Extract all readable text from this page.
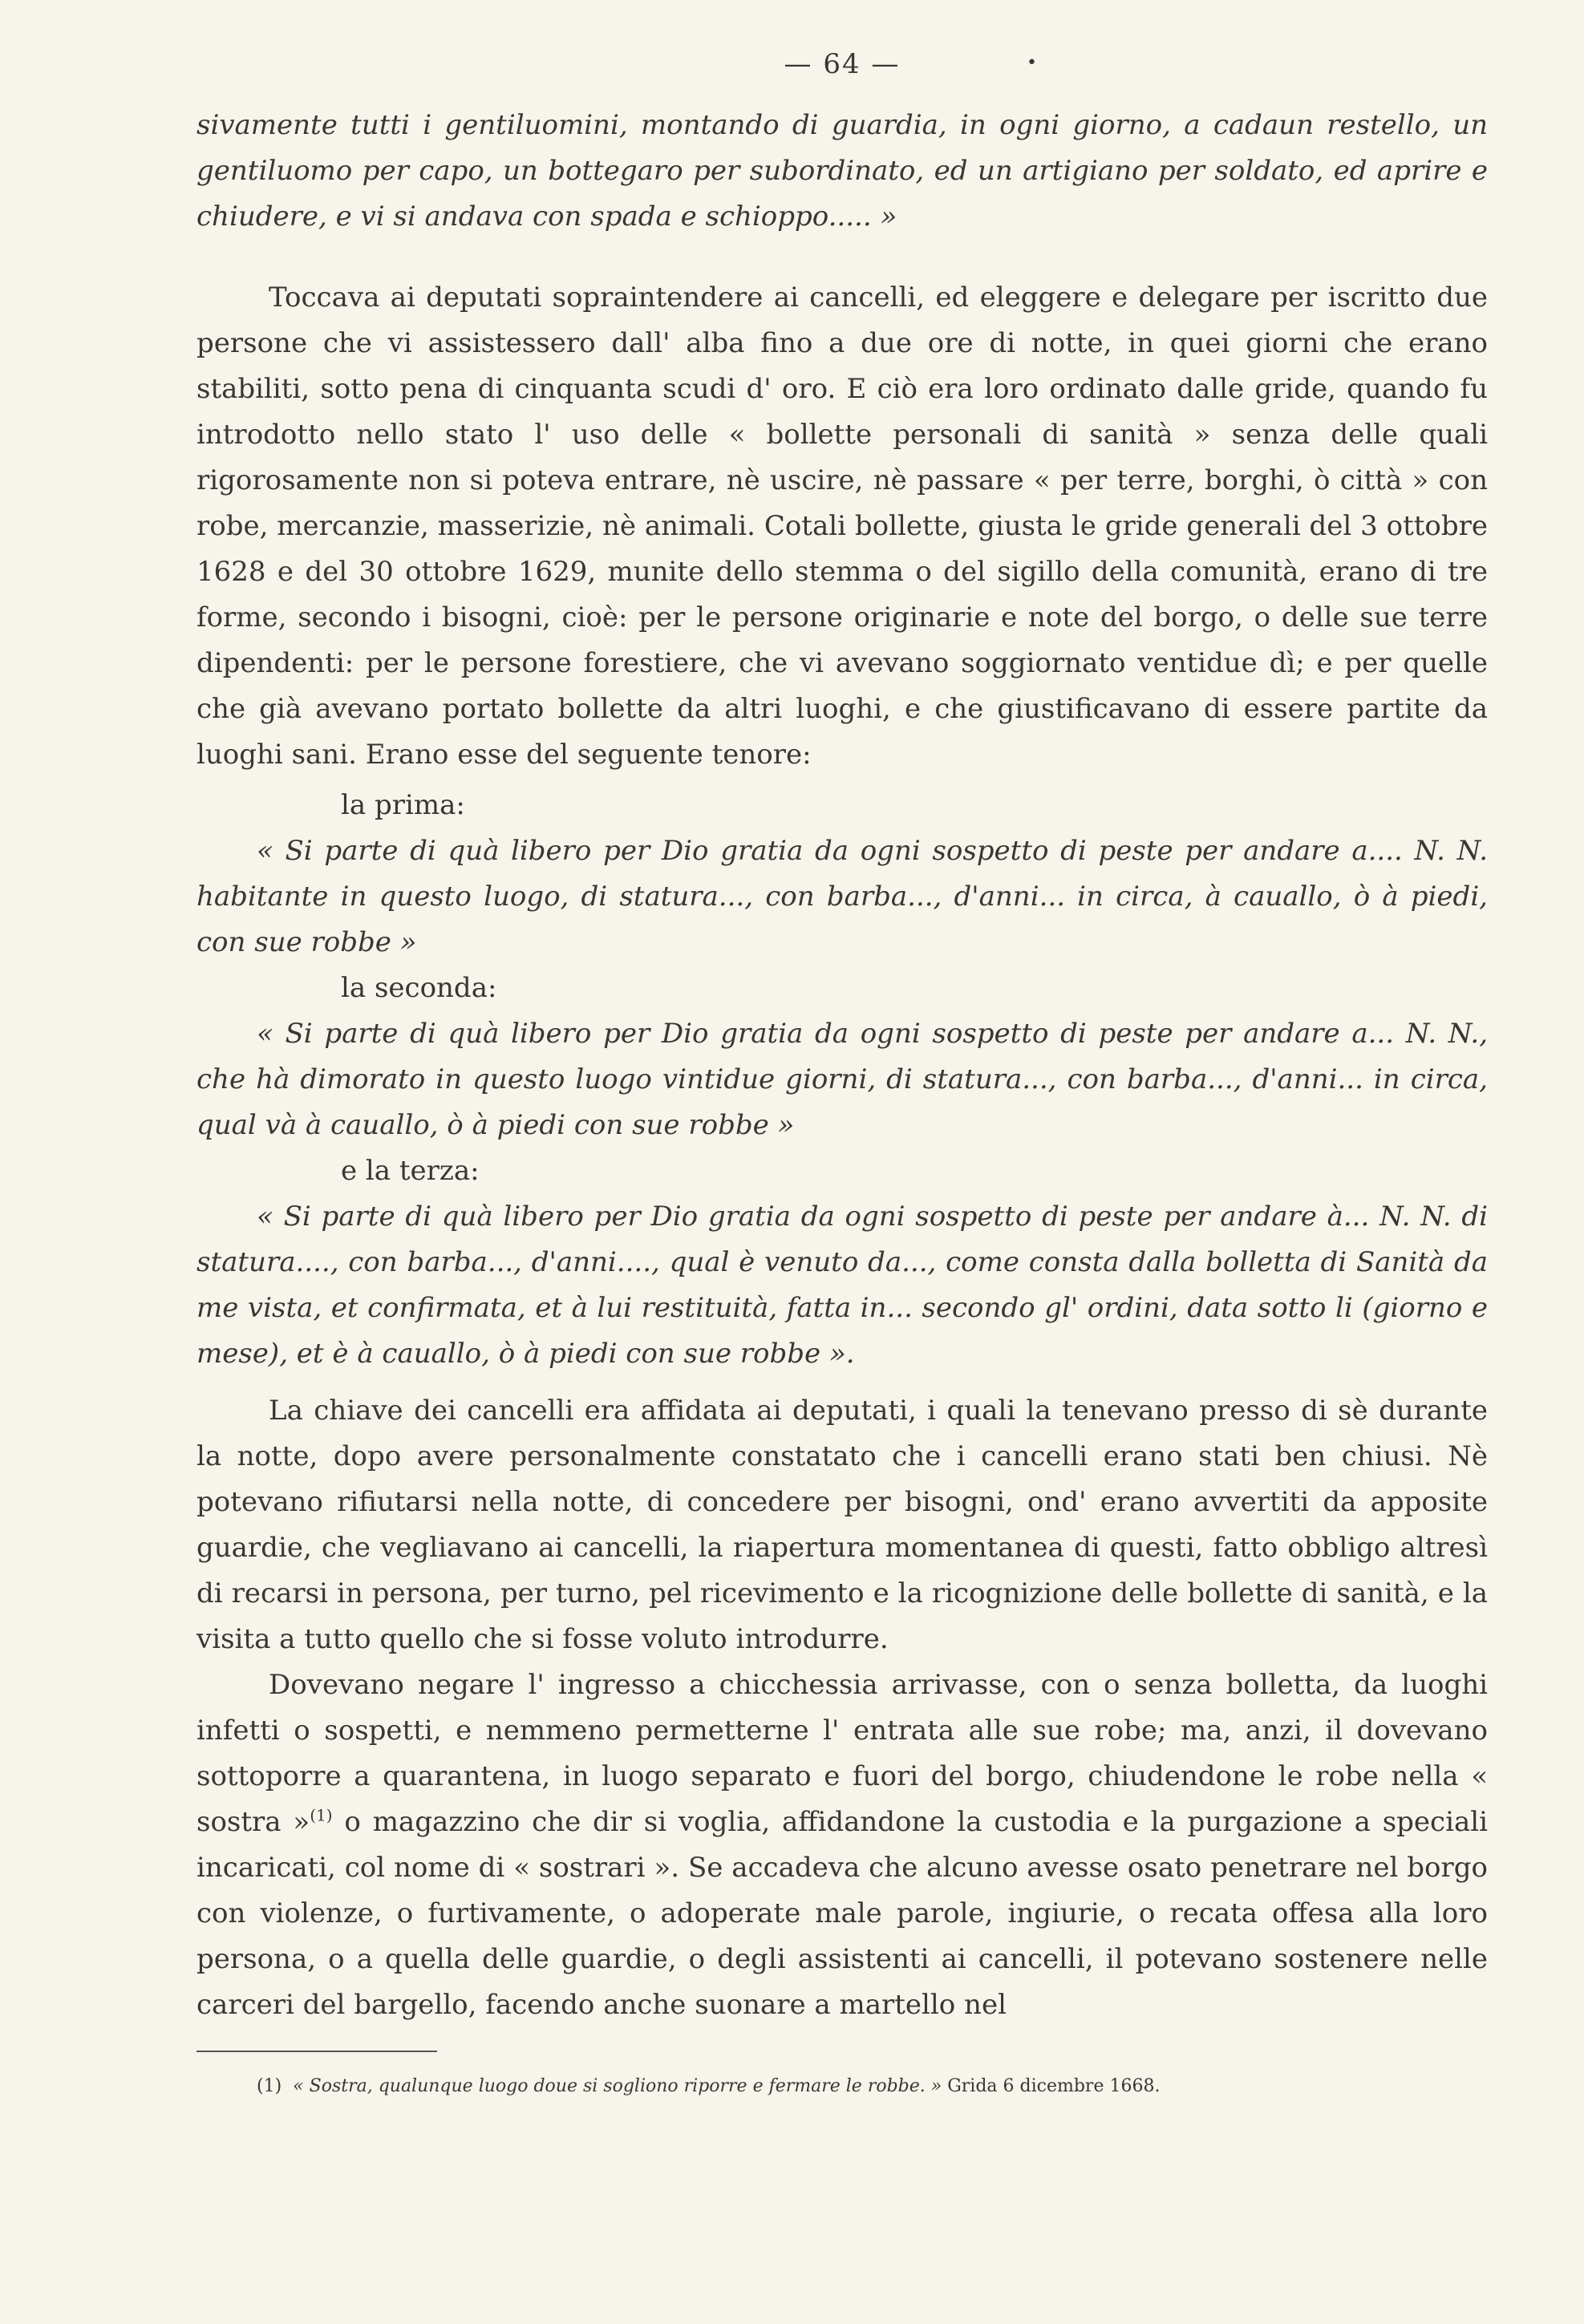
— 64 —	•

sivamente tutti i gentiluomini, montando di guardia, in ogni giorno, a cadaun restello, un gentiluomo per capo, un bottegaro per subordinato, ed un artigiano per soldato, ed aprire e chiudere, e vi si andava con spada e schioppo..... »

Toccava ai deputati sopraintendere ai cancelli, ed eleggere e delegare per iscritto due persone che vi assistessero dall' alba fino a due ore di notte, in quei giorni che erano stabiliti, sotto pena di cinquanta scudi d' oro. E ciò era loro ordinato dalle gride, quando fu introdotto nello stato l' uso delle « bollette personali di sanità » senza delle quali rigorosamente non si poteva entrare, nè uscire, nè passare « per terre, borghi, ò città » con robe, mercanzie, masserizie, nè animali. Cotali bollette, giusta le gride generali del 3 ottobre 1628 e del 30 ottobre 1629, munite dello stemma o del sigillo della comunità, erano di tre forme, secondo i bisogni, cioè: per le persone originarie e note del borgo, o delle sue terre dipendenti: per le persone forestiere, che vi avevano soggiornato ventidue dì; e per quelle che già avevano portato bollette da altri luoghi, e che giustificavano di essere partite da luoghi sani. Erano esse del seguente tenore:

la prima:

« Si parte di quà libero per Dio gratia da ogni sospetto di peste per andare a.... N. N. habitante in questo luogo, di statura..., con barba..., d'anni... in circa, à cauallo, ò à piedi, con sue robbe »

la seconda:

« Si parte di quà libero per Dio gratia da ogni sospetto di peste per andare a... N. N., che hà dimorato in questo luogo vintidue giorni, di statura..., con barba..., d'anni... in circa, qual và à cauallo, ò à piedi con sue robbe »

e la terza:

« Si parte di quà libero per Dio gratia da ogni sospetto di peste per andare à... N. N. di statura...., con barba..., d'anni...., qual è venuto da..., come consta dalla bolletta di Sanità da me vista, et confirmata, et à lui restituità, fatta in... secondo gl' ordini, data sotto li (giorno e mese), et è à cauallo, ò à piedi con sue robbe ».

La chiave dei cancelli era affidata ai deputati, i quali la tenevano presso di sè durante la notte, dopo avere personalmente constatato che i cancelli erano stati ben chiusi. Nè potevano rifiutarsi nella notte, di concedere per bisogni, ond' erano avvertiti da apposite guardie, che vegliavano ai cancelli, la riapertura momentanea di questi, fatto obbligo altresì di recarsi in persona, per turno, pel ricevimento e la ricognizione delle bollette di sanità, e la visita a tutto quello che si fosse voluto introdurre.

Dovevano negare l' ingresso a chicchessia arrivasse, con o senza bolletta, da luoghi infetti o sospetti, e nemmeno permetterne l' entrata alle sue robe; ma, anzi, il dovevano sottoporre a quarantena, in luogo separato e fuori del borgo, chiudendone le robe nella « sostra »$^{(1)}$ o magazzino che dir si voglia, affidandone la custodia e la purgazione a speciali incaricati, col nome di « sostrari ». Se accadeva che alcuno avesse osato penetrare nel borgo con violenze, o furtivamente, o adoperate male parole, ingiurie, o recata offesa alla loro persona, o a quella delle guardie, o degli assistenti ai cancelli, il potevano sostenere nelle carceri del bargello, facendo anche suonare a martello nel

(1) « Sostra, qualunque luogo doue si sogliono riporre e fermare le robbe. » Grida 6 dicembre 1668.
